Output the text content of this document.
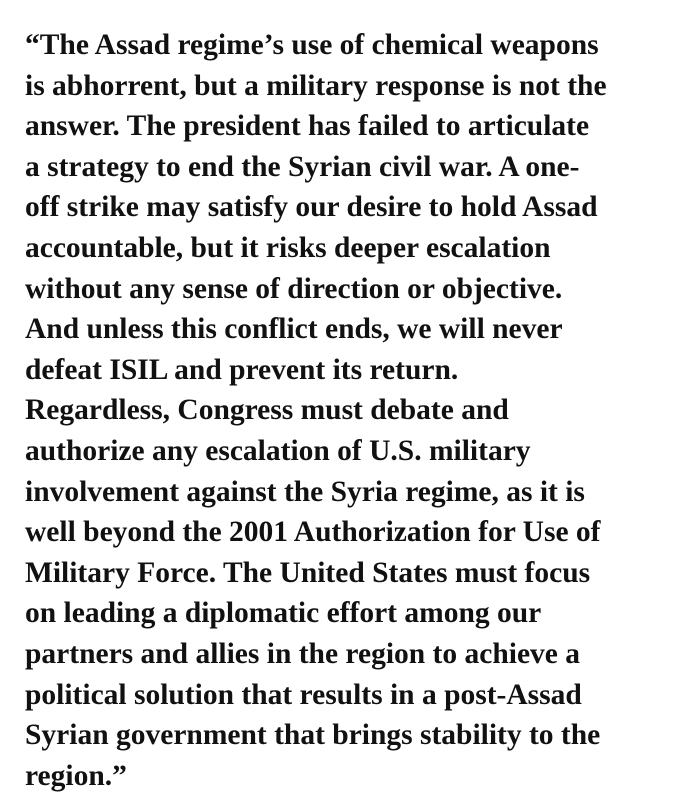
“The Assad regime’s use of chemical weapons
is abhorrent, but a military response is not the
answer. The president has failed to articulate
a strategy to end the Syrian civil war. A one-
off strike may satisfy our desire to hold Assad
accountable, but it risks deeper escalation
without any sense of direction or objective.
And unless this conflict ends, we will never
defeat ISIL and prevent its return.
Regardless, Congress must debate and
authorize any escalation of U.S. military
involvement against the Syria regime, as it is
well beyond the 2001 Authorization for Use of
Military Force. The United States must focus
on leading a diplomatic effort among our
partners and allies in the region to achieve a
political solution that results in a post-Assad
Syrian government that brings stability to the
region.”
